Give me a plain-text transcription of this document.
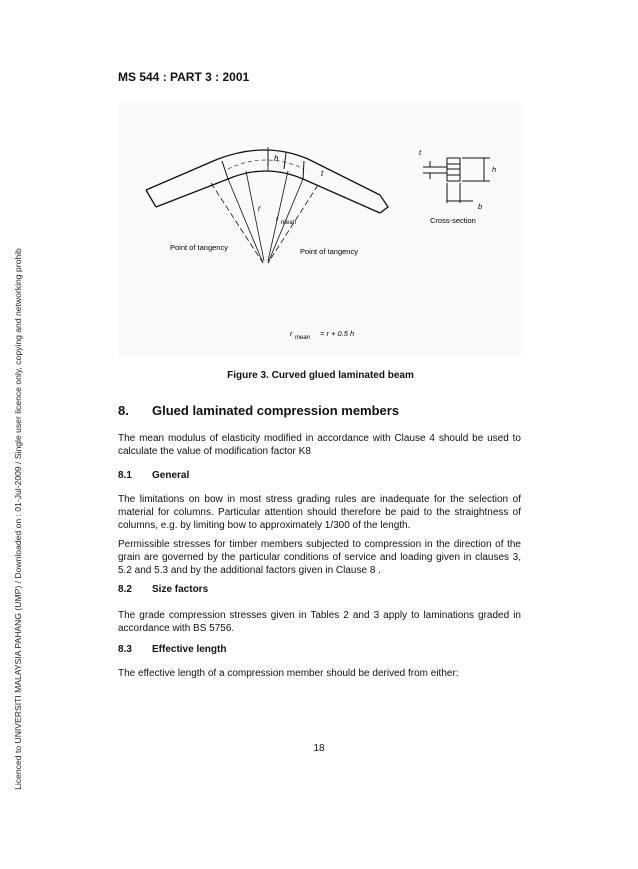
Licenced to UNIVERSITI MALAYSIA PAHANG (UMP) / Downloaded on : 01-Jul-2009 / Single user licence only, copying and networking prohib
MS 544 : PART 3 : 2001
h
t
r
r mean
Point of tangency	Point of tangency
t
h
b
Cross-section
r mean = r + 0.5 h
Figure 3. Curved glued laminated beam
8. Glued laminated compression members
The mean modulus of elasticity modified in accordance with Clause 4 should be used to calculate the value of modification factor K8
8.1 General
The limitations on bow in most stress grading rules are inadequate for the selection of material for columns. Particular attention should therefore be paid to the straightness of columns, e.g. by limiting bow to approximately 1/300 of the length.
Permissible stresses for timber members subjected to compression in the direction of the grain are governed by the particular conditions of service and loading given in clauses 3, 5.2 and 5.3 and by the additional factors given in Clause 8 .
8.2 Size factors
The grade compression stresses given in Tables 2 and 3 apply to laminations graded in accordance with BS 5756.
8.3 Effective length
The effective length of a compression member should be derived from either:
18
